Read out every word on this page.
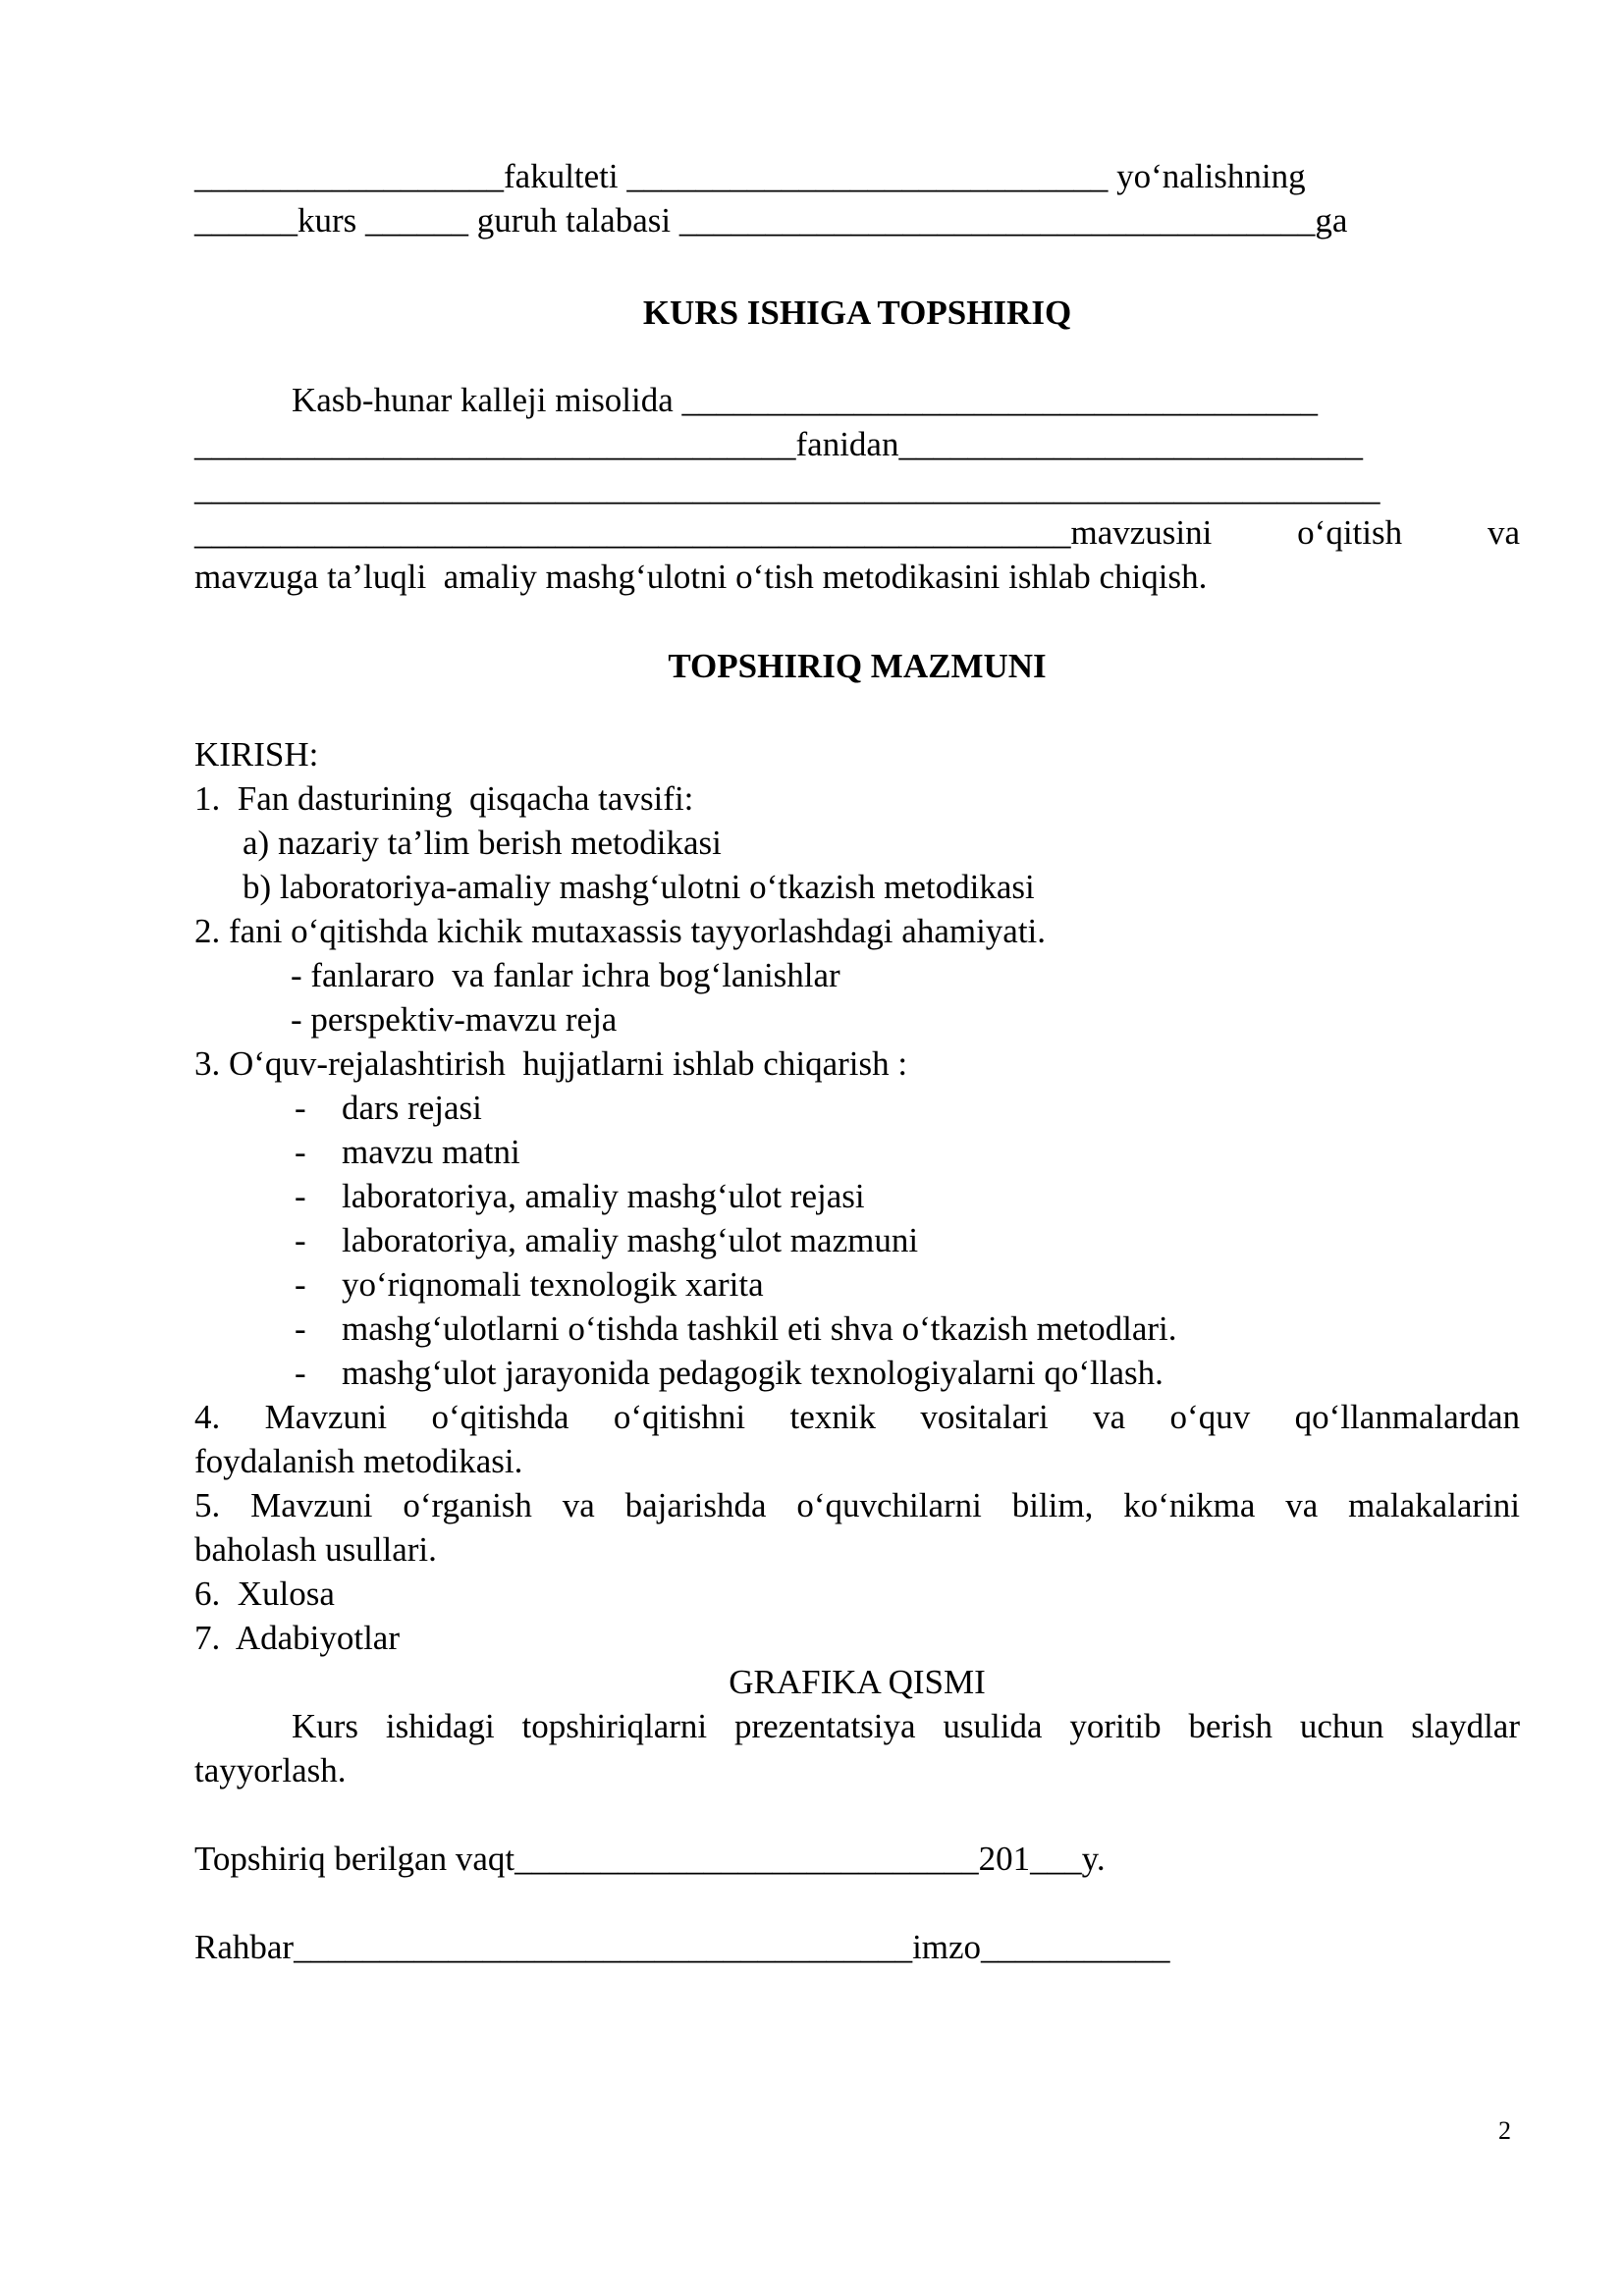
__________________fakulteti ____________________________ yo‘nalishning
______kurs ______ guruh talabasi _____________________________________ga
KURS ISHIGA TOPSHIRIQ
Kasb-hunar kalleji misolida _____________________________________
___________________________________fanidan___________________________
_____________________________________________________________________
___________________________________________________mavzusini o‘qitish va
mavzuga ta’luqli  amaliy mashg‘ulotni o‘tish metodikasini ishlab chiqish.
TOPSHIRIQ MAZMUNI
KIRISH:
1.  Fan dasturining  qisqacha tavsifi:
a) nazariy ta’lim berish metodikasi
b) laboratoriya-amaliy mashg‘ulotni o‘tkazish metodikasi
2. fani o‘qitishda kichik mutaxassis tayyorlashdagi ahamiyati.
- fanlararo  va fanlar ichra bog‘lanishlar
- perspektiv-mavzu reja
3. O‘quv-rejalashtirish  hujjatlarni ishlab chiqarish :
- dars rejasi
- mavzu matni
- laboratoriya, amaliy mashg‘ulot rejasi
- laboratoriya, amaliy mashg‘ulot mazmuni
- yo‘riqnomali texnologik xarita
- mashg‘ulotlarni o‘tishda tashkil eti shva o‘tkazish metodlari.
- mashg‘ulot jarayonida pedagogik texnologiyalarni qo‘llash.
4. Mavzuni o‘qitishda o‘qitishni texnik vositalari va o‘quv qo‘llanmalardan
foydalanish metodikasi.
5. Mavzuni o‘rganish va bajarishda o‘quvchilarni bilim, ko‘nikma va malakalarini
baholash usullari.
6.  Xulosa
7.  Adabiyotlar
GRAFIKA QISMI
Kurs ishidagi topshiriqlarni prezentatsiya usulida yoritib berish uchun slaydlar
tayyorlash.
Topshiriq berilgan vaqt___________________________201___y.
Rahbar____________________________________imzo___________
2
